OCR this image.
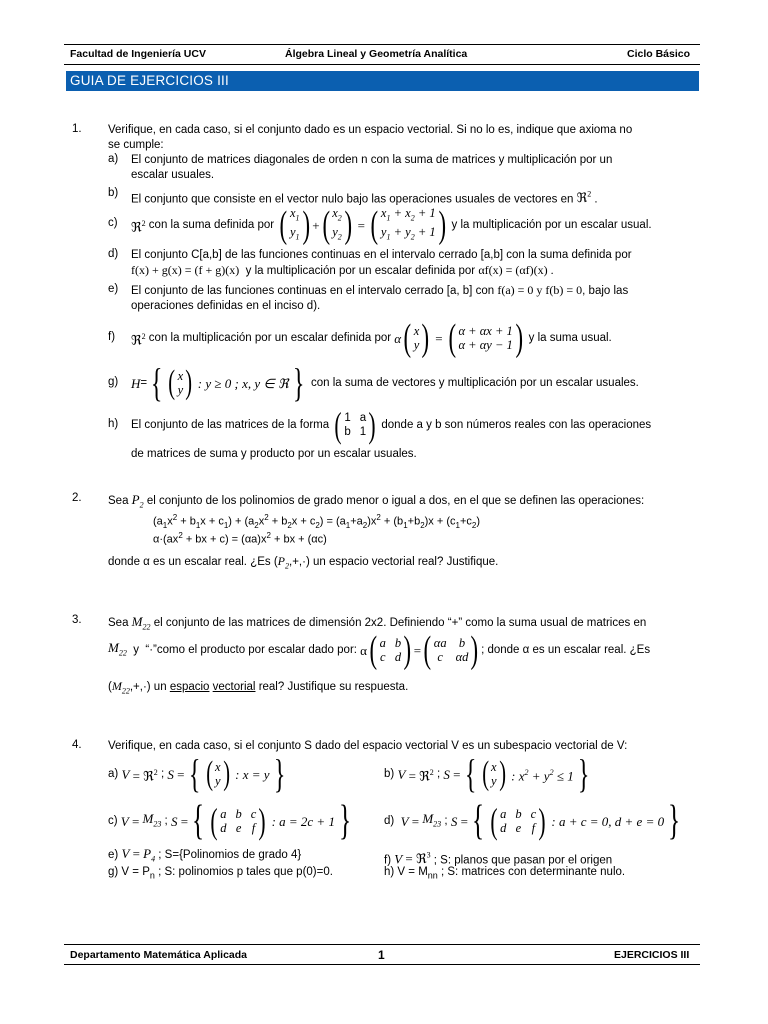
Facultad de Ingeniería UCV	Álgebra Lineal y Geometría Analítica	Ciclo Básico
GUIA DE EJERCICIOS III
1. Verifique, en cada caso, si el conjunto dado es un espacio vectorial. Si no lo es, indique que axioma no
se cumple:
a) El conjunto de matrices diagonales de orden n con la suma de matrices y multiplicación por un
escalar usuales.
b)
El conjunto que consiste en el vector nulo bajo las operaciones usuales de vectores en ℜ$^2$ .
c) ℜ$^2$
con la suma definida por
( $x_1$
$y_1$ ) + ( $x_2$
$y_2$ ) = ( $x_1 + x_2 + 1$
$y_1 + y_2 + 1$ )
y la multiplicación por un escalar usual.
d) El conjunto C[a,b] de las funciones continuas en el intervalo cerrado [a,b] con la suma definida por
f(x) + g(x) = (f + g)(x) y la multiplicación por un escalar definida por αf(x) = (αf)(x) .
e) El conjunto de las funciones continuas en el intervalo cerrado [a, b] con f(a) = 0 y f(b) = 0, bajo las
operaciones definidas en el inciso d).
f) ℜ$^2$
con la multiplicación por un escalar definida por
α ( x
y ) = ( α + αx + 1
α + αy − 1 )
y la suma usual.
g) H = { ( x
y ) : y ≥ 0 ; x, y ∈ ℜ }
con la suma de vectores y multiplicación por un escalar usuales.
h) El conjunto de las matrices de la forma
( 1 a
b 1 )
donde a y b son números reales con las operaciones
de matrices de suma y producto por un escalar usuales.
2. Sea $P_2$ el conjunto de los polinomios de grado menor o igual a dos, en el que se definen las operaciones:
$(a_1x^2 + b_1x + c_1) + (a_2x^2 + b_2x + c_2) = (a_1+a_2)x^2 + (b_1+b_2)x + (c_1+c_2)$
$\alpha\cdot(ax^2$ + bx + $c) = (\alpha a)x^2$ + bx + (αc)
donde α es un escalar real. ¿Es $(P_2,+,\cdot)$ un espacio vectorial real? Justifique.
3. Sea $M_{22}$ el conjunto de las matrices de dimensión 2x2. Definiendo “+” como la suma usual de matrices en
$M_{22}$ y  “·” como el producto por escalar dado por:
α ( a b
c d ) = ( αa b
c αd ) ; donde α es un escalar real. ¿Es
$(M_{22},+,\cdot)$ un espacio vectorial real? Justifique su respuesta.
4. Verifique, en cada caso, si el conjunto S dado del espacio vectorial V es un subespacio vectorial de V:
a)
V
= ℜ$^2$ ; S = { ( x
y ) : x = y }	b)
V
= ℜ$^2$ ; S = { ( x
y ) : $x^2 + y^2 \le 1$ }
c)
V
=
$M_{23}$ ; S = { ( a b c
d e f ) : a = 2c + 1 }	d)
V
=
$M_{23}$ ; S = { ( a b c
d e f ) : a + c = 0, d + e = 0 }
e) $V = P_4$ ; S={Polinomios de grado 4}	f) V = ℜ$^3$ ; S: planos que pasan por el origen
g) $V = P_n$ ; S: polinomios p tales que p(0)=0.	h) $V = M_{nn}$ ; S: matrices con determinante nulo.
Departamento Matemática Aplicada	1	EJERCICIOS III
